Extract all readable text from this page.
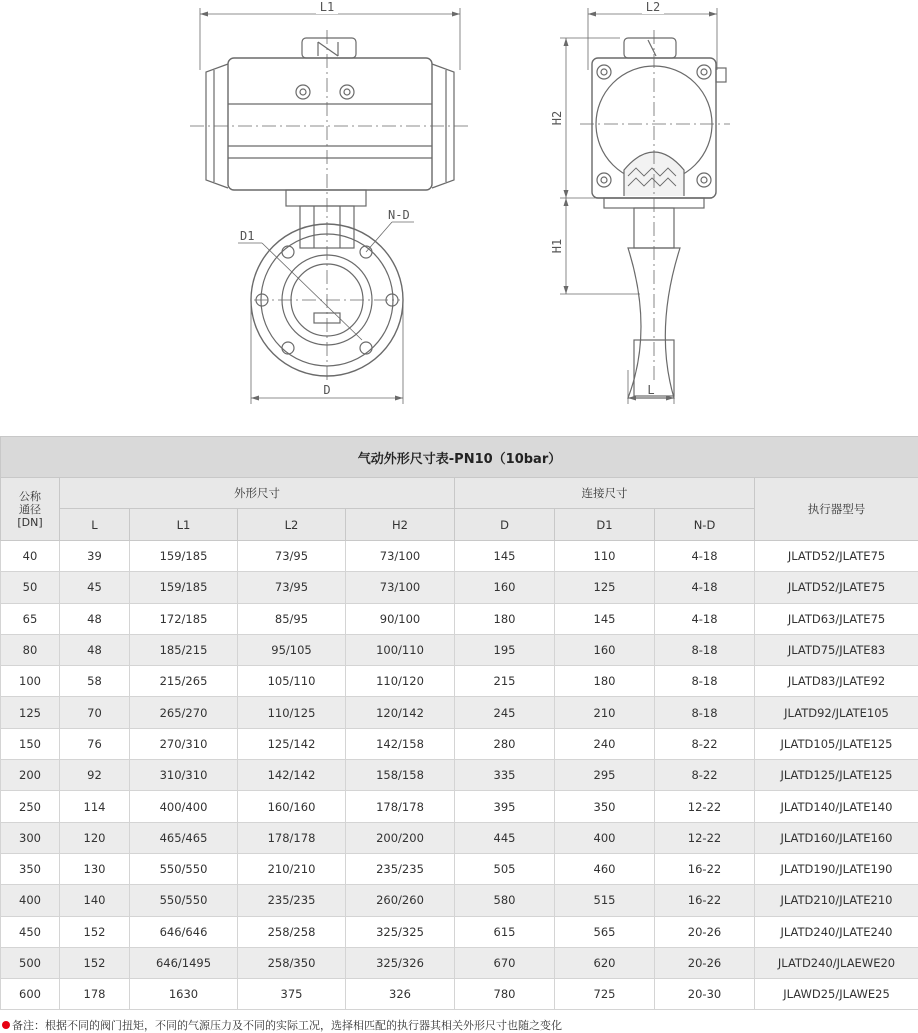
L1
D1
N-D
D
L2
H2
H1
L
气动外形尺寸表-PN10（10bar）								
公称
通径
[DN]	外形尺寸				连接尺寸			执行器型号
	L	L1	L2	H2	D	D1	N-D	
40	39	159/185	73/95	73/100	145	110	4-18	JLATD52/JLATE75
50	45	159/185	73/95	73/100	160	125	4-18	JLATD52/JLATE75
65	48	172/185	85/95	90/100	180	145	4-18	JLATD63/JLATE75
80	48	185/215	95/105	100/110	195	160	8-18	JLATD75/JLATE83
100	58	215/265	105/110	110/120	215	180	8-18	JLATD83/JLATE92
125	70	265/270	110/125	120/142	245	210	8-18	JLATD92/JLATE105
150	76	270/310	125/142	142/158	280	240	8-22	JLATD105/JLATE125
200	92	310/310	142/142	158/158	335	295	8-22	JLATD125/JLATE125
250	114	400/400	160/160	178/178	395	350	12-22	JLATD140/JLATE140
300	120	465/465	178/178	200/200	445	400	12-22	JLATD160/JLATE160
350	130	550/550	210/210	235/235	505	460	16-22	JLATD190/JLATE190
400	140	550/550	235/235	260/260	580	515	16-22	JLATD210/JLATE210
450	152	646/646	258/258	325/325	615	565	20-26	JLATD240/JLATE240
500	152	646/1495	258/350	325/326	670	620	20-26	JLATD240/JLAEWE20
600	178	1630	375	326	780	725	20-30	JLAWD25/JLAWE25
备注：根据不同的阀门扭矩，不同的气源压力及不同的实际工况，选择相匹配的执行器其相关外形尺寸也随之变化
